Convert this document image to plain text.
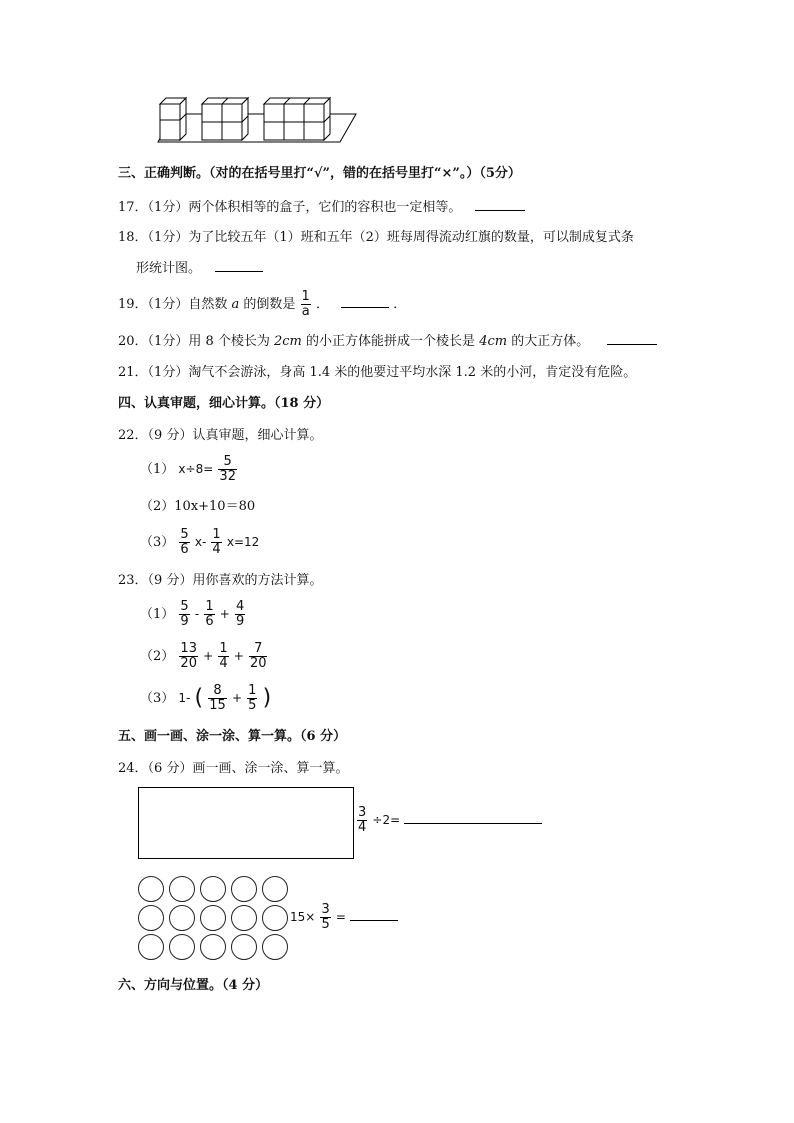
三、正确判断。（对的在括号里打“√”，错的在括号里打“×”。）（5分）
17．（1分）两个体积相等的盒子，它们的容积也一定相等。
18．（1分）为了比较五年（1）班和五年（2）班每周得流动红旗的数量，可以制成复式条
形统计图。
19．（1分）自然数 a 的倒数是 $\frac{1}{a}$ ．	．
20．（1分）用 8 个棱长为 2cm 的小正方体能拼成一个棱长是 4cm 的大正方体。
21．（1分）淘气不会游泳，身高 1.4 米的他要过平均水深 1.2 米的小河，肯定没有危险。
四、认真审题，细心计算。（18 分）
22．（9 分）认真审题，细心计算。
（1） $x\div 8= \frac{5}{32}$
（2）10x+10＝80
$(3) \frac{5}{6} x- \frac{1}{4} x=12$
23．（9 分）用你喜欢的方法计算。
$(1) \frac{5}{9} - \frac{1}{6} + \frac{4}{9}$
$(2) \frac{13}{20} + \frac{1}{4} + \frac{7}{20}$
（3） 1- ( $\frac{8}{15} + \frac{1}{5}$ )
五、画一画、涂一涂、算一算。（6 分）
24．（6 分）画一画、涂一涂、算一算。
$\frac{3}{4} \div 2=$
$15\times \frac{3}{5}$ =
六、方向与位置。（4 分）
